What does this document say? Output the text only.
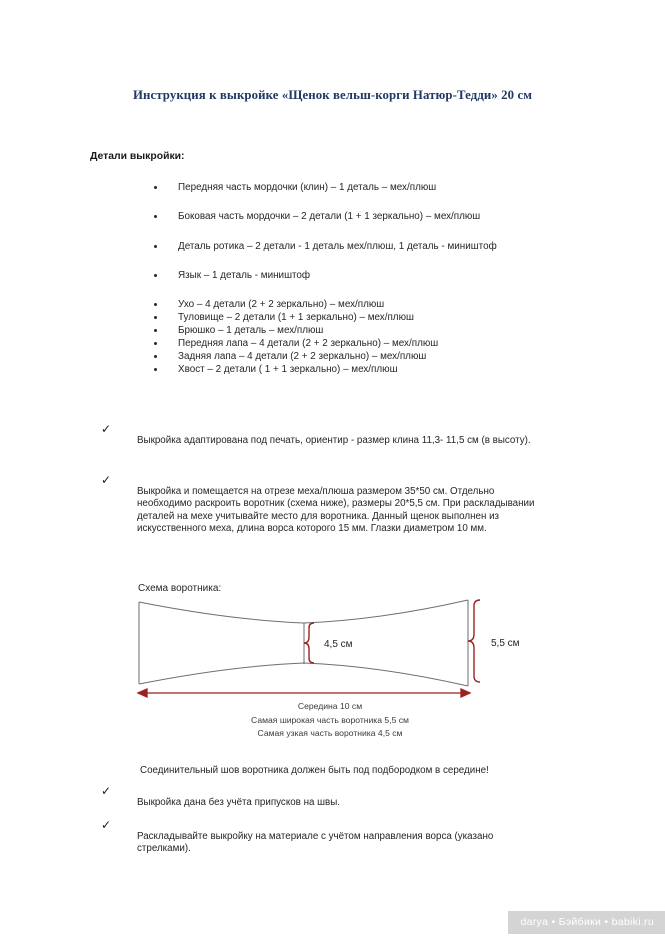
Инструкция к выкройке «Щенок вельш-корги Натюр-Тедди» 20 см
Детали выкройки:
Передняя часть мордочки (клин) – 1 деталь – мех/плюш
Боковая часть мордочки – 2 детали (1 + 1 зеркально) – мех/плюш
Деталь ротика – 2 детали - 1 деталь мех/плюш, 1 деталь - миништоф
Язык – 1 деталь - миништоф
Ухо – 4 детали (2 + 2 зеркально) – мех/плюш
Туловище – 2 детали (1 + 1 зеркально) – мех/плюш
Брюшко – 1 деталь – мех/плюш
Передняя лапа – 4 детали (2 + 2 зеркально) – мех/плюш
Задняя лапа – 4 детали (2 + 2 зеркально) – мех/плюш
Хвост – 2 детали ( 1 + 1 зеркально) – мех/плюш
✓
Выкройка адаптирована под печать, ориентир - размер клина 11,3- 11,5 см (в высоту).
✓
Выкройка и помещается на отрезе меха/плюша размером 35*50 см. Отдельно необходимо раскроить воротник (схема ниже), размеры 20*5,5 см. При раскладывании деталей на мехе учитывайте место для воротника. Данный щенок выполнен из искусственного меха, длина ворса которого 15 мм. Глазки диаметром 10 мм.
Схема воротника:
4,5 см	5,5 см
Середина 10 см
Самая широкая часть воротника 5,5 см
Самая узкая часть воротника 4,5 см
Соединительный шов воротника должен быть под подбородком в середине!
✓
Выкройка дана без учёта припусков на швы.
✓
Раскладывайте выкройку на материале с учётом направления ворса (указано стрелками).
darya • Бэйбики • babiki.ru
